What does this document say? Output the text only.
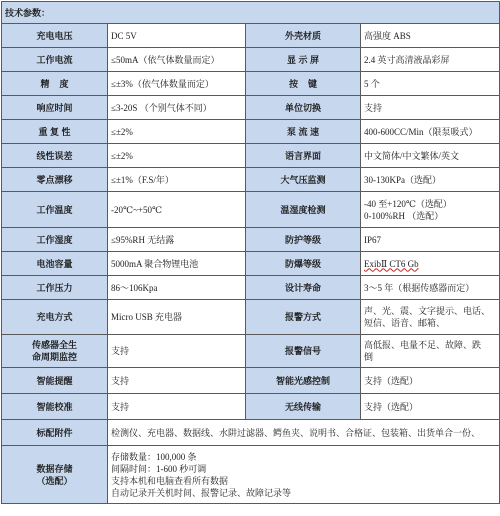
技术参数：			
充电电压	DC 5V	外壳材质	高强度 ABS
工作电流	≤50mA（依气体数量而定）	显 示 屏	2.4 英寸高清液晶彩屏
精    度	≤±3%（依气体数量而定）	按    键	5 个
响应时间	≤3-20S （个别气体不同）	单位切换	支持
重 复 性	≤±2%	泵 流 速	400-600CC/Min（限泵吸式）
线性误差	≤±2%	语言界面	中文简体/中文繁体/英文
零点漂移	≤±1%（F.S/年）	大气压监测	30-130KPa（选配）
工作温度	-20℃~+50℃	温湿度检测	-40 至+120℃（选配）
0-100%RH （选配）

工作湿度	≤95%RH 无结露	防护等级	IP67
电池容量	5000mA 聚合物锂电池	防爆等级	ExibⅡ CT6 Gb
工作压力	86～106Kpa	设计寿命	3～5 年（根据传感器而定）
充电方式	Micro USB 充电器	报警方式	声、光、震、文字提示、电话、
短信、语音、邮箱、

传感器全生
命周期监控	支持	报警信号	高低报、电量不足、故障、跌
倒

智能提醒	支持	智能光感控制	支持（选配）
智能校准	支持	无线传输	支持（选配）
标配附件	检测仪、充电器、数据线、水阱过滤器、鳄鱼夹、说明书、合格证、包装箱、出货单合一份、		

数据存储
（选配）	存储数量：100,000 条
间隔时间：1-600 秒可调
支持本机和电脑查看所有数据
自动记录开关机时间、报警记录、故障记录等		
